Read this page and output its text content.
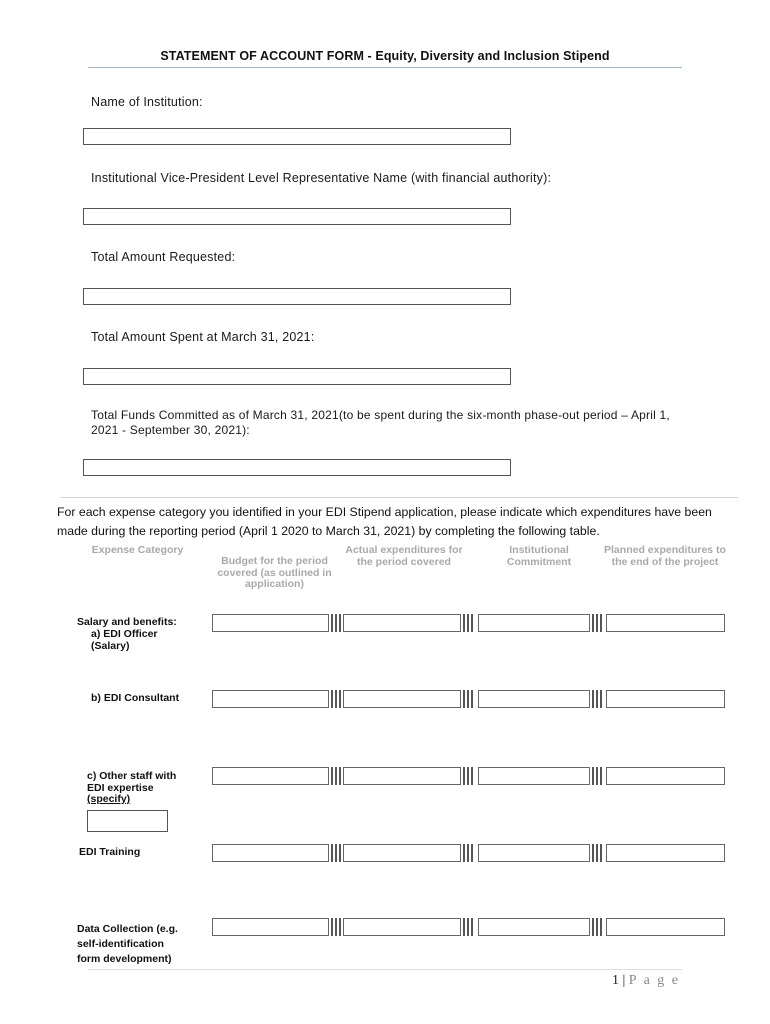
STATEMENT OF ACCOUNT FORM - Equity, Diversity and Inclusion Stipend
Name of Institution:
Institutional Vice-President Level Representative Name (with financial authority):
Total Amount Requested:
Total Amount Spent at March 31, 2021:
Total Funds Committed as of March 31, 2021(to be spent during the six-month phase-out period – April 1, 2021 - September 30, 2021):
For each expense category you identified in your EDI Stipend application, please indicate which expenditures have been made during the reporting period (April 1 2020 to March 31, 2021) by completing the following table.
Expense Category
Budget for the period covered (as outlined in application)
Actual expenditures for the period covered
Institutional Commitment
Planned expenditures to the end of the project
Salary and benefits:
a) EDI Officer (Salary)
b) EDI Consultant
c) Other staff with EDI expertise
(specify)
EDI Training
Data Collection (e.g. self-identification form development)
1 | P a g e
